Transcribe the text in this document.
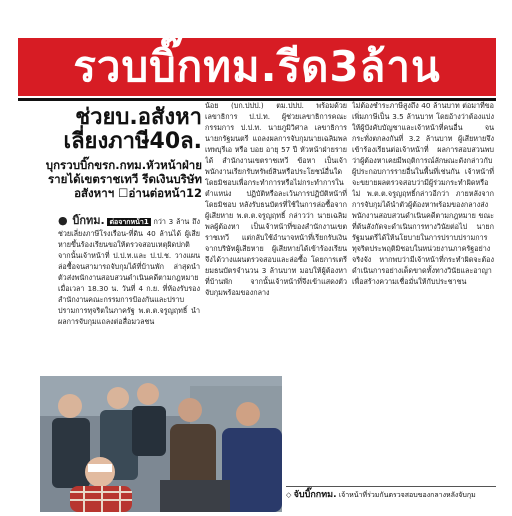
รวบบิ๊กทม.รีด3ล้าน
ช่วยบ.อสังหา
เลี่ยงภาษี40ล.
บุกรวบบิ๊กขรก.กทม.หัวหน้าฝ่ายรายได้เขตราชเทวี รีดเงินบริษัทอสังหาฯ ☐อ่านต่อหน้า12
● บิ๊กทม. ต่อจากหน้า1 กว่า 3 ล้าน ถึงช่วยเลี่ยงภาษีโรงเรือน-ที่ดิน 40 ล้านได้ ผู้เสียหายขึ้นร้องเรียนขอให้ตรวจสอบเหตุผิดปกติ จากนั้นเจ้าหน้าที่ ป.ป.ท.และ ป.ป.ช. วางแผนล่อซื้อจนสามารถจับกุมได้ที่บ้านพัก ล่าสุดนำตัวส่งพนักงานสอบสวนดำเนินคดีตามกฎหมาย เมื่อเวลา 18.30 น. วันที่ 4 ก.ย. ที่ห้องรับรองสำนักงานคณะกรรมการป้องกันและปราบปรามการทุจริตในภาครัฐ พ.ต.ต.จรูญฤทธิ์ นำผลการจับกุมแถลงต่อสื่อมวลชน
น้อย (บก.ปปป.) ตม.ปปป. พร้อมด้วยเลขาธิการ ป.ป.ท. ผู้ช่วยเลขาธิการคณะกรรมการ ป.ป.ท. นายภูมิวิศาล เลขาธิการ นายกรัฐมนตรี แถลงผลการจับกุมนายเฉลิมพล เทพบุรีเอ หรือ บอย อายุ 57 ปี หัวหน้าฝ่ายรายได้ สำนักงานเขตราชเทวี ข้อหา เป็นเจ้าพนักงานเรียกรับทรัพย์สินหรือประโยชน์อื่นใดโดยมิชอบเพื่อกระทำการหรือไม่กระทำการในตำแหน่ง ปฏิบัติหรือละเว้นการปฏิบัติหน้าที่โดยมิชอบ หลังรับธนบัตรที่ใช้ในการล่อซื้อจากผู้เสียหาย พ.ต.ต.จรูญฤทธิ์ กล่าวว่า นายเฉลิมพลผู้ต้องหา เป็นเจ้าหน้าที่ของสำนักงานเขตราชเทวี แต่กลับใช้อำนาจหน้าที่เรียกรับเงินจากบริษัทผู้เสียหาย ผู้เสียหายได้เข้าร้องเรียน จึงได้วางแผนตรวจสอบและล่อซื้อ โดยการเตรียมธนบัตรจำนวน 3 ล้านบาท มอบให้ผู้ต้องหาที่บ้านพัก จากนั้นเจ้าหน้าที่จึงเข้าแสดงตัวจับกุมพร้อมของกลาง
ไม่ต้องชำระภาษีสูงถึง 40 ล้านบาท ต่อมาที่ขอเพิ่มภาษีเป็น 3.5 ล้านบาท โดยอ้างว่าต้องแบ่งให้ผู้บังคับบัญชาและเจ้าหน้าที่คนอื่น จนกระทั่งตกลงกันที่ 3.2 ล้านบาท ผู้เสียหายจึงเข้าร้องเรียนต่อเจ้าหน้าที่ ผลการสอบสวนพบว่าผู้ต้องหาเคยมีพฤติการณ์ลักษณะดังกล่าวกับผู้ประกอบการรายอื่นในพื้นที่เช่นกัน เจ้าหน้าที่จะขยายผลตรวจสอบว่ามีผู้ร่วมกระทำผิดหรือไม่ พ.ต.ต.จรูญฤทธิ์กล่าวอีกว่า ภายหลังจากการจับกุมได้นำตัวผู้ต้องหาพร้อมของกลางส่งพนักงานสอบสวนดำเนินคดีตามกฎหมาย ขณะที่ต้นสังกัดจะดำเนินการทางวินัยต่อไป นายกรัฐมนตรีได้ให้นโยบายในการปราบปรามการทุจริตประพฤติมิชอบในหน่วยงานภาครัฐอย่างจริงจัง หากพบว่ามีเจ้าหน้าที่กระทำผิดจะต้องดำเนินการอย่างเด็ดขาดทั้งทางวินัยและอาญา เพื่อสร้างความเชื่อมั่นให้กับประชาชน
◇ จับบิ๊กกทม. เจ้าหน้าที่ร่วมกันตรวจสอบของกลางหลังจับกุม
